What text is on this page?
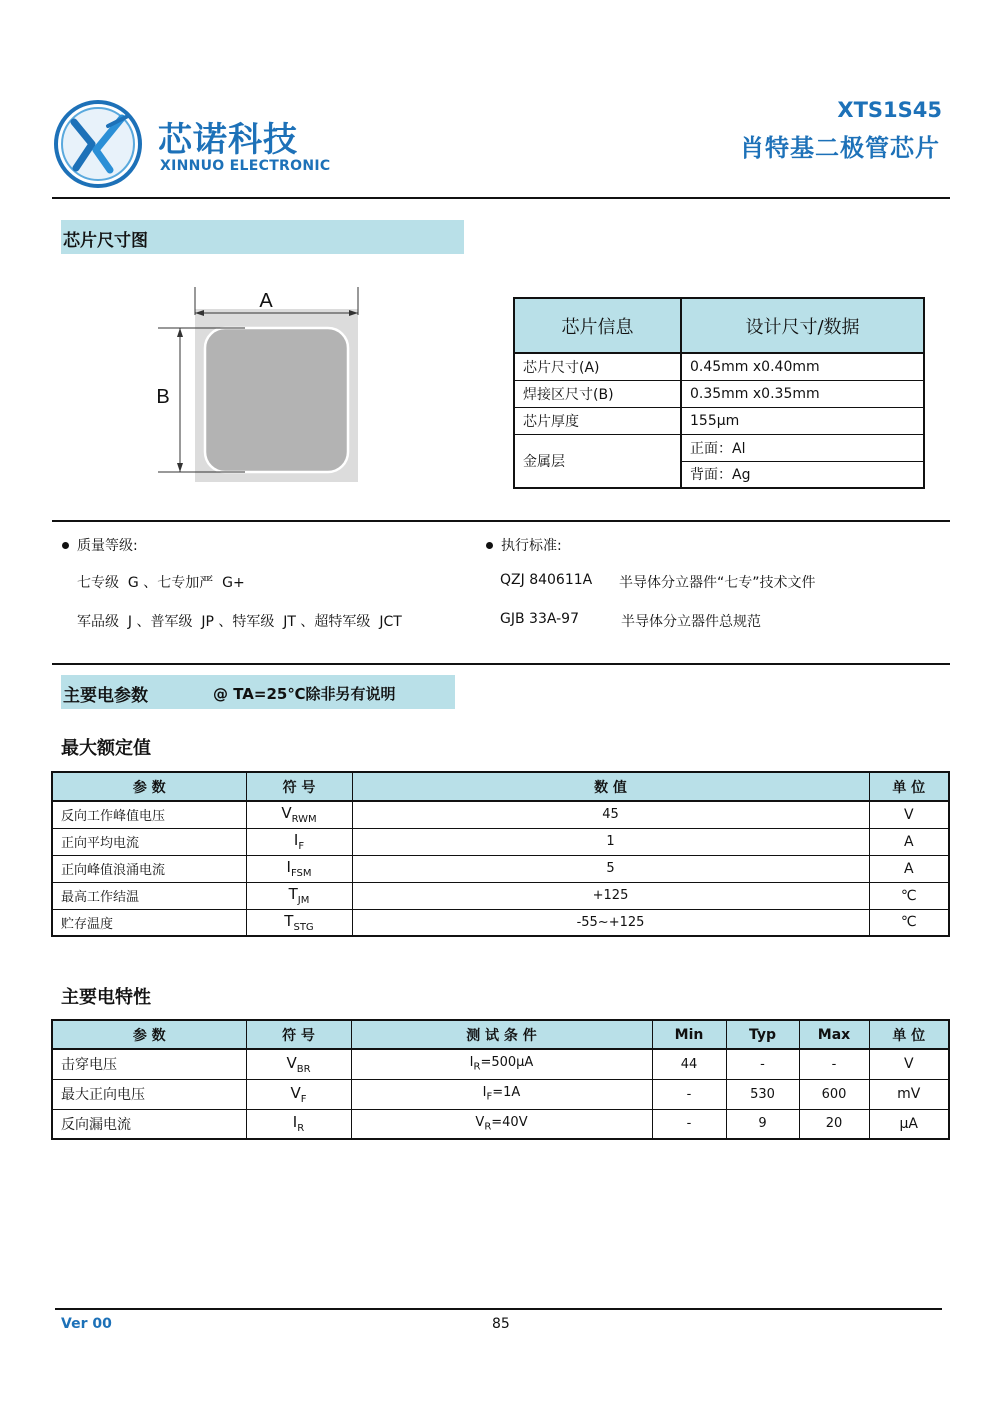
芯诺科技
XINNUO ELECTRONIC
XTS1S45
肖特基二极管芯片
芯片尺寸图
A
B
芯片信息	设计尺寸/数据
芯片尺寸(A)	0.45mm x0.40mm
焊接区尺寸(B)	0.35mm x0.35mm
芯片厚度	155μm
金属层	正面：Al
	背面：Ag
质量等级:
七专级  G 、七专加严  G+
军品级  J 、普军级  JP 、特军级  JT 、超特军级  JCT
执行标准:
QZJ 840611A 半导体分立器件“七专”技术文件
GJB 33A-97	半导体分立器件总规范
主要电参数	@ TA=25℃除非另有说明
最大额定值
参 数	符 号	数 值	单 位
反向工作峰值电压	$V_{RWM}$	45	V
正向平均电流	$I_F$	1	A
正向峰值浪涌电流	$I_{FSM}$	5	A
最高工作结温	$T_{JM}$	+125	℃
贮存温度	$T_{STG}$	-55~+125	℃
主要电特性
参 数	符 号	测 试 条 件	Min	Typ	Max	单 位
击穿电压	$V_{BR}$	$I_R=500\mu A$	44	-	-	V
最大正向电压	$V_F$	$I_F=1A$	-	530	600	mV
反向漏电流	$I_R$	$V_R=40V$	-	9	20	μA
Ver 00	85
